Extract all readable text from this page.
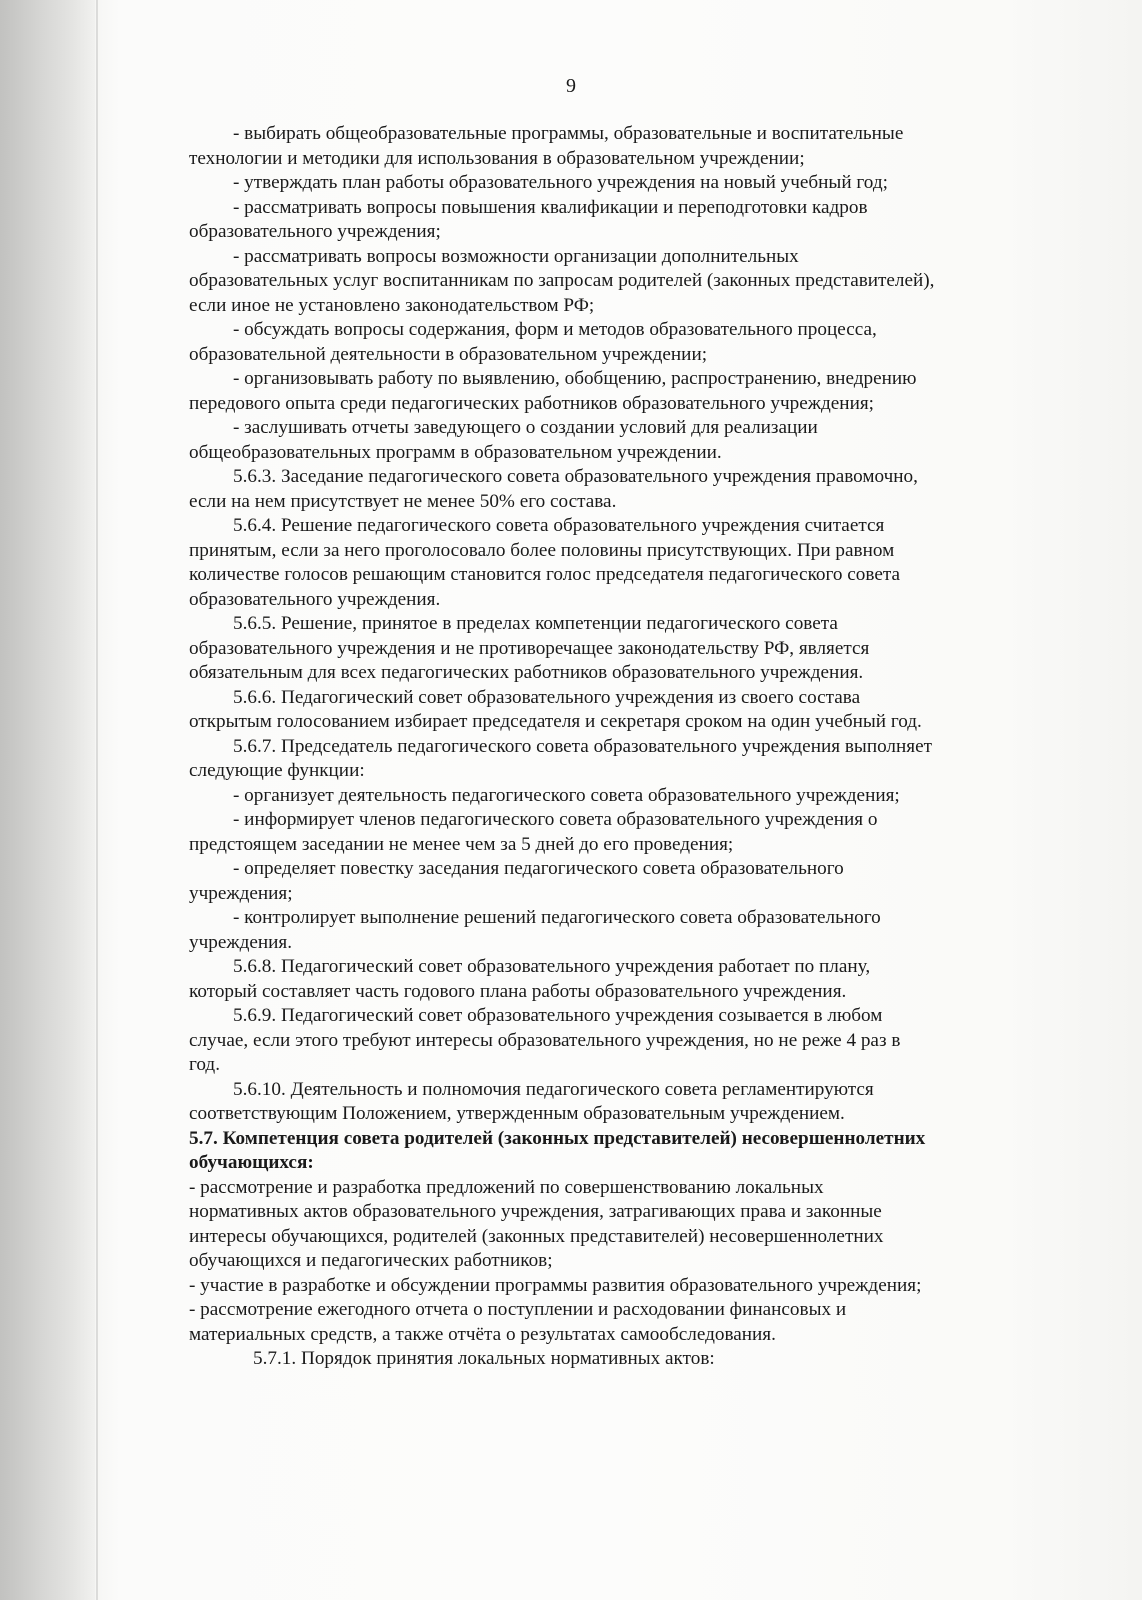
9
- выбирать общеобразовательные программы, образовательные и воспитательные
технологии и методики для использования в образовательном учреждении;
- утверждать план работы образовательного учреждения на новый учебный год;
- рассматривать вопросы повышения квалификации и переподготовки кадров
образовательного учреждения;
- рассматривать вопросы возможности организации дополнительных
образовательных услуг воспитанникам по запросам родителей (законных представителей),
если иное не установлено законодательством РФ;
- обсуждать вопросы содержания, форм и методов образовательного процесса,
образовательной деятельности в образовательном учреждении;
- организовывать работу по выявлению, обобщению, распространению, внедрению
передового опыта среди педагогических работников образовательного учреждения;
- заслушивать отчеты заведующего о создании условий для реализации
общеобразовательных программ в образовательном учреждении.
5.6.3. Заседание педагогического совета образовательного учреждения правомочно,
если на нем присутствует не менее 50% его состава.
5.6.4. Решение педагогического совета образовательного учреждения считается
принятым, если за него проголосовало более половины присутствующих. При равном
количестве голосов решающим становится голос председателя педагогического совета
образовательного учреждения.
5.6.5. Решение, принятое в пределах компетенции педагогического совета
образовательного учреждения и не противоречащее законодательству РФ, является
обязательным для всех педагогических работников образовательного учреждения.
5.6.6. Педагогический совет образовательного учреждения из своего состава
открытым голосованием избирает председателя и секретаря сроком на один учебный год.
5.6.7. Председатель педагогического совета образовательного учреждения выполняет
следующие функции:
- организует деятельность педагогического совета образовательного учреждения;
- информирует членов педагогического совета образовательного учреждения о
предстоящем заседании не менее чем за 5 дней до его проведения;
- определяет повестку заседания педагогического совета образовательного
учреждения;
- контролирует выполнение решений педагогического совета образовательного
учреждения.
5.6.8. Педагогический совет образовательного учреждения работает по плану,
который составляет часть годового плана работы образовательного учреждения.
5.6.9. Педагогический совет образовательного учреждения созывается в любом
случае, если этого требуют интересы образовательного учреждения, но не реже 4 раз в
год.
5.6.10. Деятельность и полномочия педагогического совета регламентируются
соответствующим Положением, утвержденным образовательным учреждением.
5.7. Компетенция совета родителей (законных представителей) несовершеннолетних
обучающихся:
- рассмотрение и разработка предложений по совершенствованию локальных
нормативных актов образовательного учреждения, затрагивающих права и законные
интересы обучающихся, родителей (законных представителей) несовершеннолетних
обучающихся и педагогических работников;
- участие в разработке и обсуждении программы развития образовательного учреждения;
- рассмотрение ежегодного отчета о поступлении и расходовании финансовых и
материальных средств, а также отчёта о результатах самообследования.
5.7.1. Порядок принятия локальных нормативных актов:
